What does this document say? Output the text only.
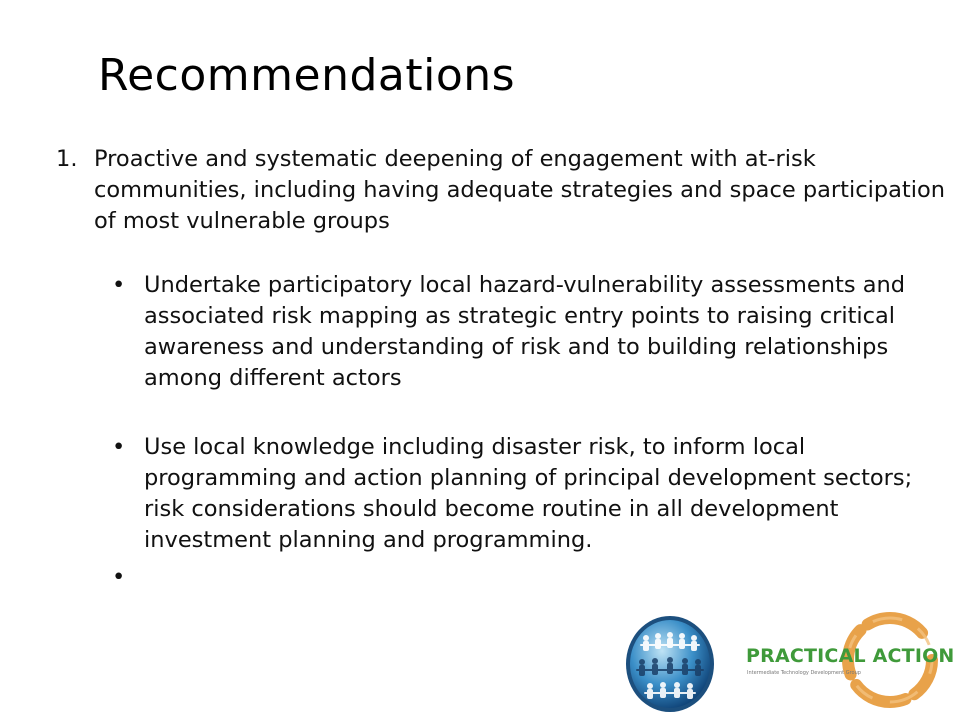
Recommendations
1. Proactive and systematic deepening of engagement with at-risk communities, including having adequate strategies and space participation of most vulnerable groups
• Undertake participatory local hazard-vulnerability assessments and associated risk mapping as strategic entry points to raising critical awareness and understanding of risk and to building relationships among different actors
• Use local knowledge including disaster risk, to inform local programming and action planning of principal development sectors; risk considerations should become routine in all development investment planning and programming.
•
PRACTICAL ACTION
Intermediate Technology Development Group
